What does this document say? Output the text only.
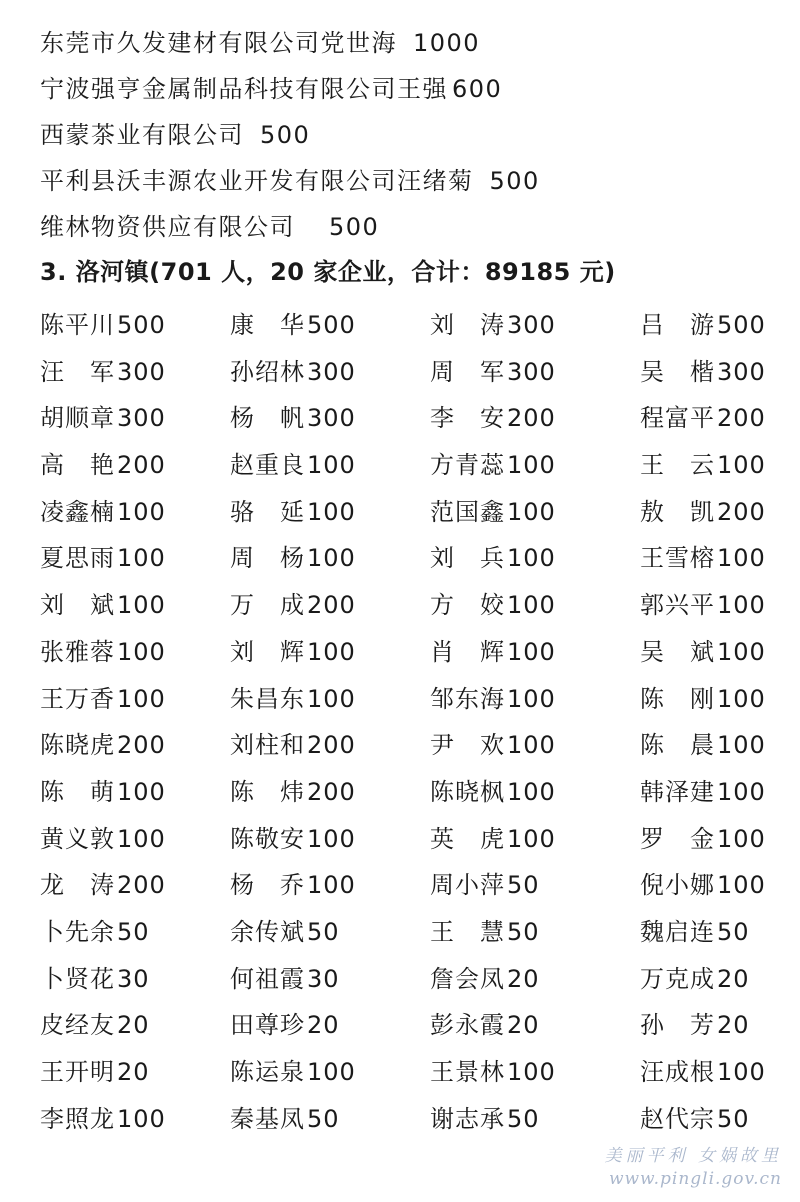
东莞市久发建材有限公司党世海 1000
宁波强亨金属制品科技有限公司王强 600
西蒙茶业有限公司 500
平利县沃丰源农业开发有限公司汪绪菊 500
维林物资供应有限公司 500
3. 洛河镇(701 人，20 家企业，合计：89185 元)
陈平川500	康　华500	刘　涛300	吕　游500
汪　军300	孙绍林300	周　军300	吴　楷300
胡顺章300	杨　帆300	李　安200	程富平200
高　艳200	赵重良100	方青蕊100	王　云100
凌鑫楠100	骆　延100	范国鑫100	敖　凯200
夏思雨100	周　杨100	刘　兵100	王雪榕100
刘　斌100	万　成200	方　姣100	郭兴平100
张雅蓉100	刘　辉100	肖　辉100	吴　斌100
王万香100	朱昌东100	邹东海100	陈　刚100
陈晓虎200	刘柱和200	尹　欢100	陈　晨100
陈　萌100	陈　炜200	陈晓枫100	韩泽建100
黄义敦100	陈敬安100	英　虎100	罗　金100
龙　涛200	杨　乔100	周小萍50	倪小娜100
卜先余50	余传斌50	王　慧50	魏启连50
卜贤花30	何祖霞30	詹会凤20	万克成20
皮经友20	田尊珍20	彭永霞20	孙　芳20
王开明20	陈运泉100	王景林100	汪成根100
李照龙100	秦基凤50	谢志承50	赵代宗50
美丽平利 女娲故里
www.pingli.gov.cn
